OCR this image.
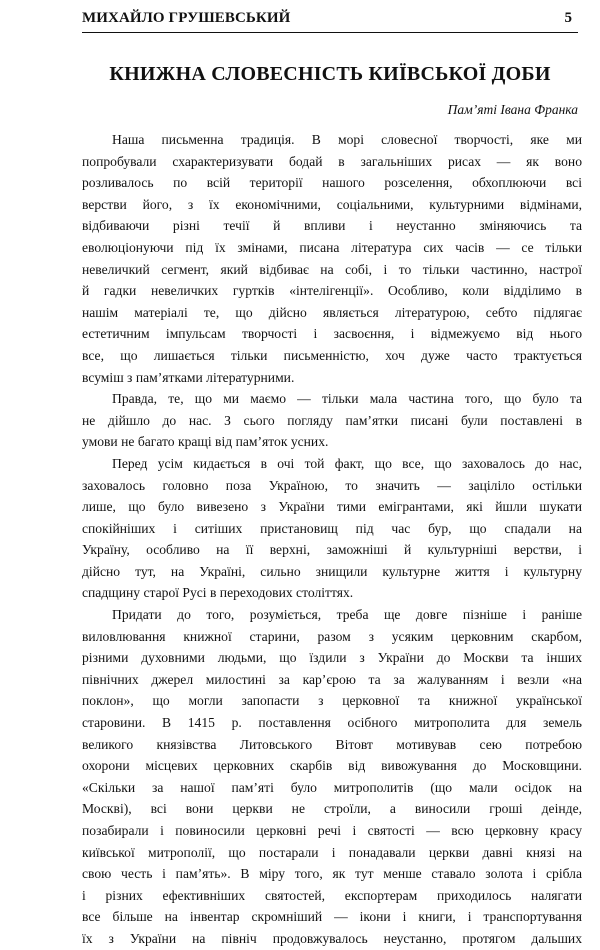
МИХАЙЛО ГРУШЕВСЬКИЙ	5
КНИЖНА СЛОВЕСНІСТЬ КИЇВСЬКОЇ ДОБИ
Пам’яті Івана Франка
Наша письменна традиція. В морі словесної творчості, яке ми
попробували схарактеризувати бодай в загальніших рисах — як воно
розливалось по всій території нашого розселення, обхоплюючи всі
верстви його, з їх економічними, соціальними, культурними відмінами,
відбиваючи різні течії й впливи і неустанно зміняючись та
еволюціонуючи під їх змінами, писана література сих часів — се тільки
невеличкий сегмент, який відбиває на собі, і то тільки частинно, настрої
й гадки невеличких гуртків «інтелігенції». Особливо, коли відділимо в
нашім матеріалі те, що дійсно являється літературою, себто підлягає
естетичним імпульсам творчості і засвоєння, і відмежуємо від нього
все, що лишається тільки письменністю, хоч дуже часто трактується
всуміш з пам’ятками літературними.
Правда, те, що ми маємо — тільки мала частина того, що було та
не дійшло до нас. З сього погляду пам’ятки писані були поставлені в
умови не багато кращі від пам’яток усних.
Перед усім кидається в очі той факт, що все, що заховалось до нас,
заховалось головно поза Україною, то значить — заціліло остільки
лише, що було вивезено з України тими емігрантами, які йшли шукати
спокійніших і ситіших пристановищ під час бур, що спадали на
Україну, особливо на її верхні, заможніші й культурніші верстви, і
дійсно тут, на Україні, сильно знищили культурне життя і культурну
спадщину старої Русі в переходових століттях.
Придати до того, розуміється, треба ще довге пізніше і раніше
виловлювання книжної старини, разом з усяким церковним скарбом,
різними духовними людьми, що їздили з України до Москви та інших
північних джерел милостині за кар’єрою та за жалуванням і везли «на
поклон», що могли запопасти з церковної та книжної української
старовини. В 1415 р. поставлення осібного митрополита для земель
великого князівства Литовського Вітовт мотивував сею потребою
охорони місцевих церковних скарбів від вивожування до Московщини.
«Скільки за нашої пам’яті було митрополитів (що мали осідок на
Москві), всі вони церкви не строїли, а виносили гроші деінде,
позабирали і повиносили церковні речі і святості — всю церковну красу
київської митрополії, що постарали і понадавали церкви давні князі на
свою честь і пам’ять». В міру того, як тут менше ставало золота і срібла
і різних ефективніших святостей, експортерам приходилось налягати
все більше на інвентар скромніший — ікони і книги, і транспортування
їх з України на північ продовжувалось неустанно, протягом дальших
